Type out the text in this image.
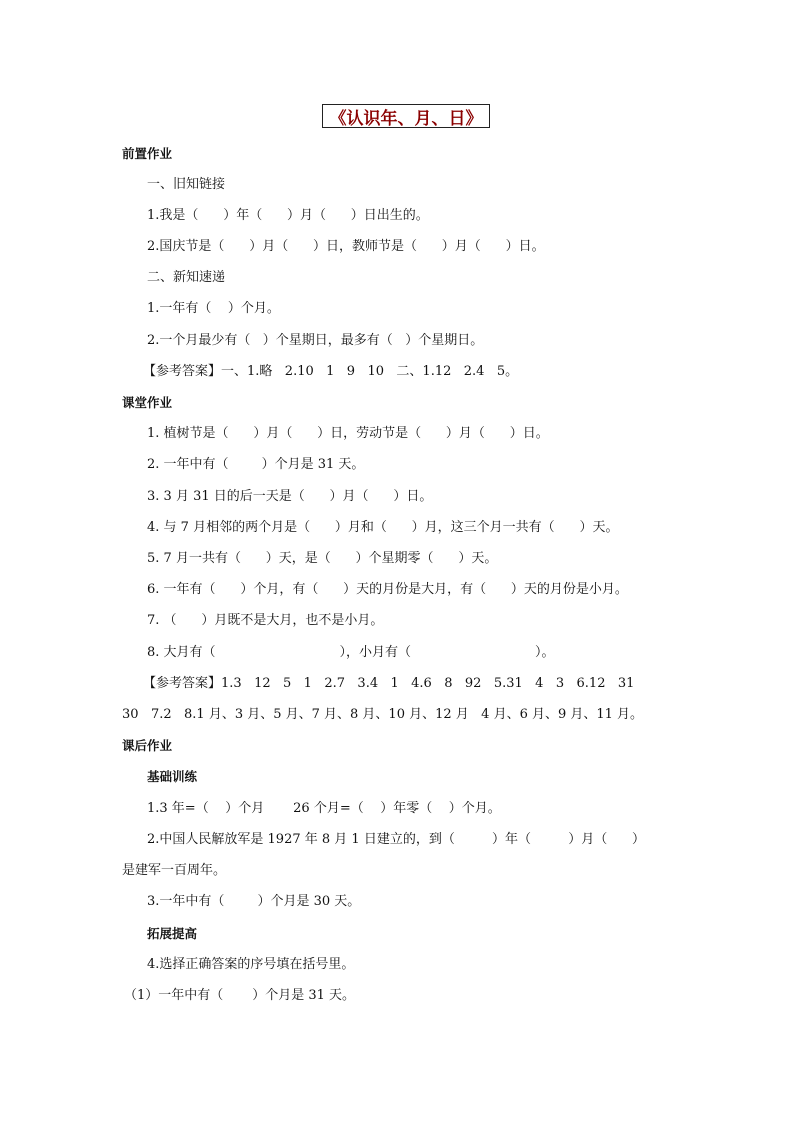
《认识年、月、日》
前置作业
一、旧知链接
1.我是（      ）年（      ）月（      ）日出生的。
2.国庆节是（      ）月（      ）日，教师节是（      ）月（      ）日。
二、新知速递
1.一年有（    ）个月。
2.一个月最少有（   ）个星期日，最多有（   ）个星期日。
【参考答案】一、1.略   2.10   1   9   10   二、1.12   2.4   5。
课堂作业
1. 植树节是（      ）月（      ）日，劳动节是（      ）月（      ）日。
2. 一年中有（        ）个月是 31 天。
3. 3 月 31 日的后一天是（      ）月（      ）日。
4. 与 7 月相邻的两个月是（      ）月和（      ）月，这三个月一共有（      ）天。
5. 7 月一共有（      ）天，是（      ）个星期零（      ）天。
6. 一年有（      ）个月，有（      ）天的月份是大月，有（      ）天的月份是小月。
7. （      ）月既不是大月，也不是小月。
8. 大月有（                              ），小月有（                              ）。
【参考答案】1.3   12   5   1   2.7   3.4   1   4.6   8   92   5.31   4   3   6.12   31
30   7.2   8.1 月、3 月、5 月、7 月、8 月、10 月、12 月   4 月、6 月、9 月、11 月。
课后作业
基础训练
1.3 年=（    ）个月       26 个月=（    ）年零（    ）个月。
2.中国人民解放军是 1927 年 8 月 1 日建立的，到（         ）年（         ）月（      ）
是建军一百周年。
3.一年中有（        ）个月是 30 天。
拓展提高
4.选择正确答案的序号填在括号里。
（1）一年中有（       ）个月是 31 天。
